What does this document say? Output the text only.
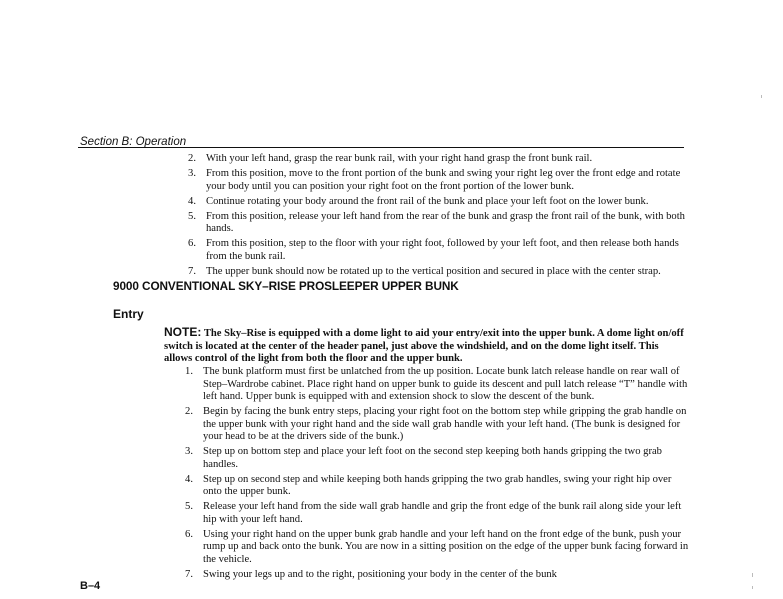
Section B: Operation
2. With your left hand, grasp the rear bunk rail, with your right hand grasp the front bunk rail.
3. From this position, move to the front portion of the bunk and swing your right leg over the front edge and rotate your body until you can position your right foot on the front portion of the lower bunk.
4. Continue rotating your body around the front rail of the bunk and place your left foot on the lower bunk.
5. From this position, release your left hand from the rear of the bunk and grasp the front rail of the bunk, with both hands.
6. From this position, step to the floor with your right foot, followed by your left foot, and then release both hands from the bunk rail.
7. The upper bunk should now be rotated up to the vertical position and secured in place with the center strap.
9000 CONVENTIONAL SKY–RISE PROSLEEPER UPPER BUNK
Entry
NOTE: The Sky–Rise is equipped with a dome light to aid your entry/exit into the upper bunk. A dome light on/off switch is located at the center of the header panel, just above the windshield, and on the dome light itself. This allows control of the light from both the floor and the upper bunk.
1. The bunk platform must first be unlatched from the up position. Locate bunk latch release handle on rear wall of Step–Wardrobe cabinet. Place right hand on upper bunk to guide its descent and pull latch release “T” handle with left hand. Upper bunk is equipped with and extension shock to slow the descent of the bunk.
2. Begin by facing the bunk entry steps, placing your right foot on the bottom step while gripping the grab handle on the upper bunk with your right hand and the side wall grab handle with your left hand. (The bunk is designed for your head to be at the drivers side of the bunk.)
3. Step up on bottom step and place your left foot on the second step keeping both hands gripping the two grab handles.
4. Step up on second step and while keeping both hands gripping the two grab handles, swing your right hip over onto the upper bunk.
5. Release your left hand from the side wall grab handle and grip the front edge of the bunk rail along side your left hip with your left hand.
6. Using your right hand on the upper bunk grab handle and your left hand on the front edge of the bunk, push your rump up and back onto the bunk. You are now in a sitting position on the edge of the upper bunk facing forward in the vehicle.
7. Swing your legs up and to the right, positioning your body in the center of the bunk
B–4
